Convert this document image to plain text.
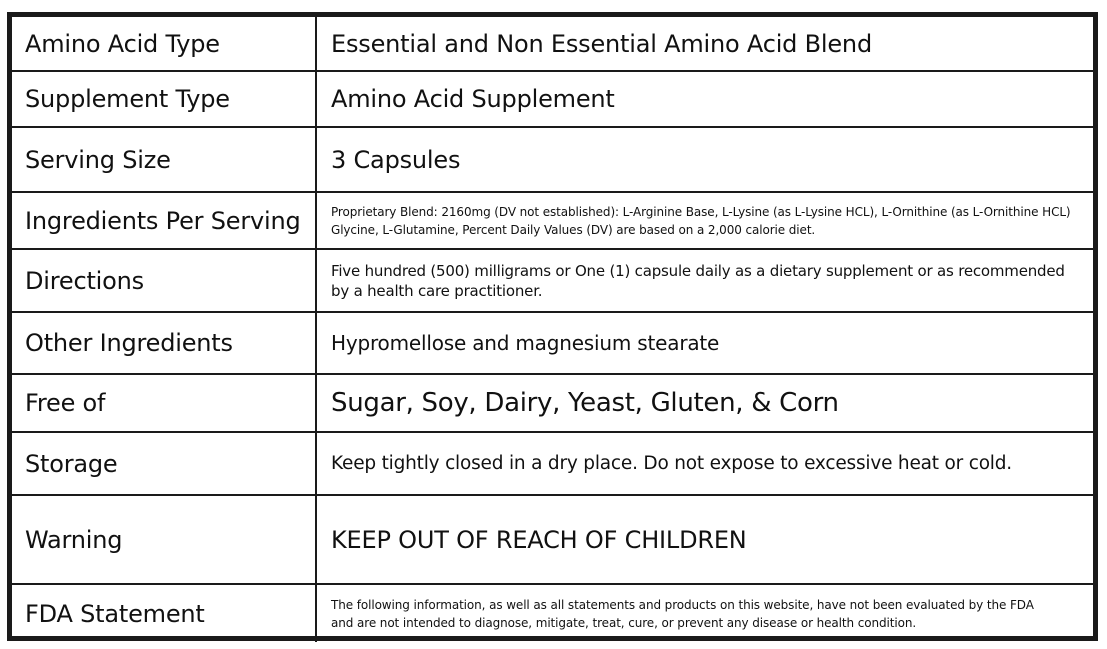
Amino Acid Type	Essential and Non Essential Amino Acid Blend
Supplement Type	Amino Acid Supplement
Serving Size	3 Capsules
Ingredients Per Serving	Proprietary Blend: 2160mg (DV not established): L-Arginine Base, L-Lysine (as L-Lysine HCL), L-Ornithine (as L-Ornithine HCL)
Glycine, L-Glutamine, Percent Daily Values (DV) are based on a 2,000 calorie diet.

Directions	Five hundred (500) milligrams or One (1) capsule daily as a dietary supplement or as recommended
by a health care practitioner.

Other Ingredients	Hypromellose and magnesium stearate
Free of	Sugar, Soy, Dairy, Yeast, Gluten, & Corn
Storage	Keep tightly closed in a dry place. Do not expose to excessive heat or cold.
Warning	KEEP OUT OF REACH OF CHILDREN
FDA Statement	The following information, as well as all statements and products on this website, have not been evaluated by the FDA
and are not intended to diagnose, mitigate, treat, cure, or prevent any disease or health condition.
